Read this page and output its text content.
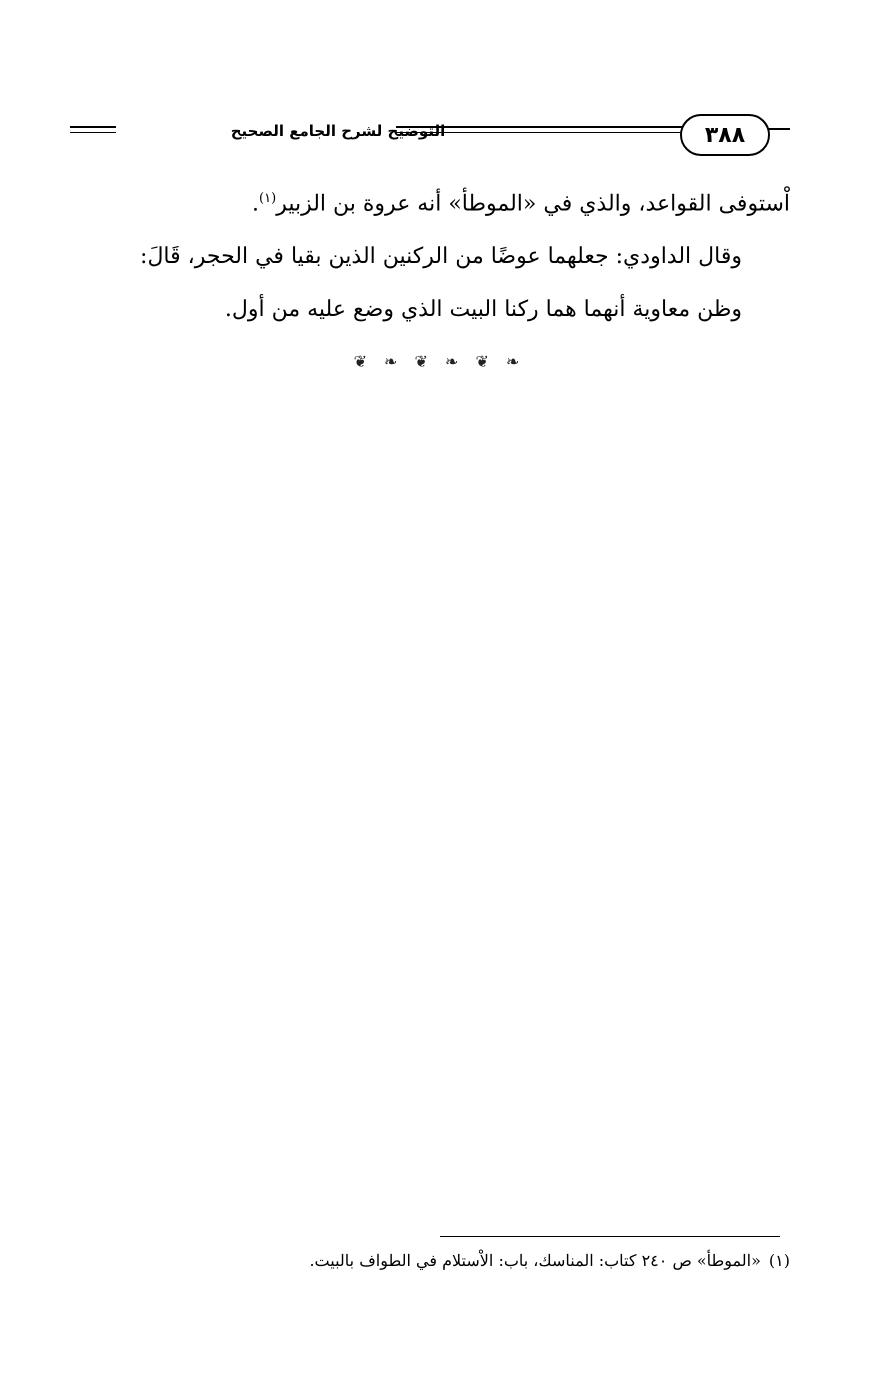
التوضيح لشرح الجامع الصحيح	٣٨٨

اْستوفى القواعد، والذي في «الموطأ» أنه عروة بن الزبير$^{(١)}$.

وقال الداودي: جعلهما عوضًا من الركنين الذين بقيا في الحجر، قَالَ: وظن معاوية أنهما هما ركنا البيت الذي وضع عليه من أول.

❦ ❧ ❦ ❧ ❦ ❧
(١)«الموطأ» ص ٢٤٠ كتاب: المناسك، باب: الاْستلام في الطواف بالبيت.
